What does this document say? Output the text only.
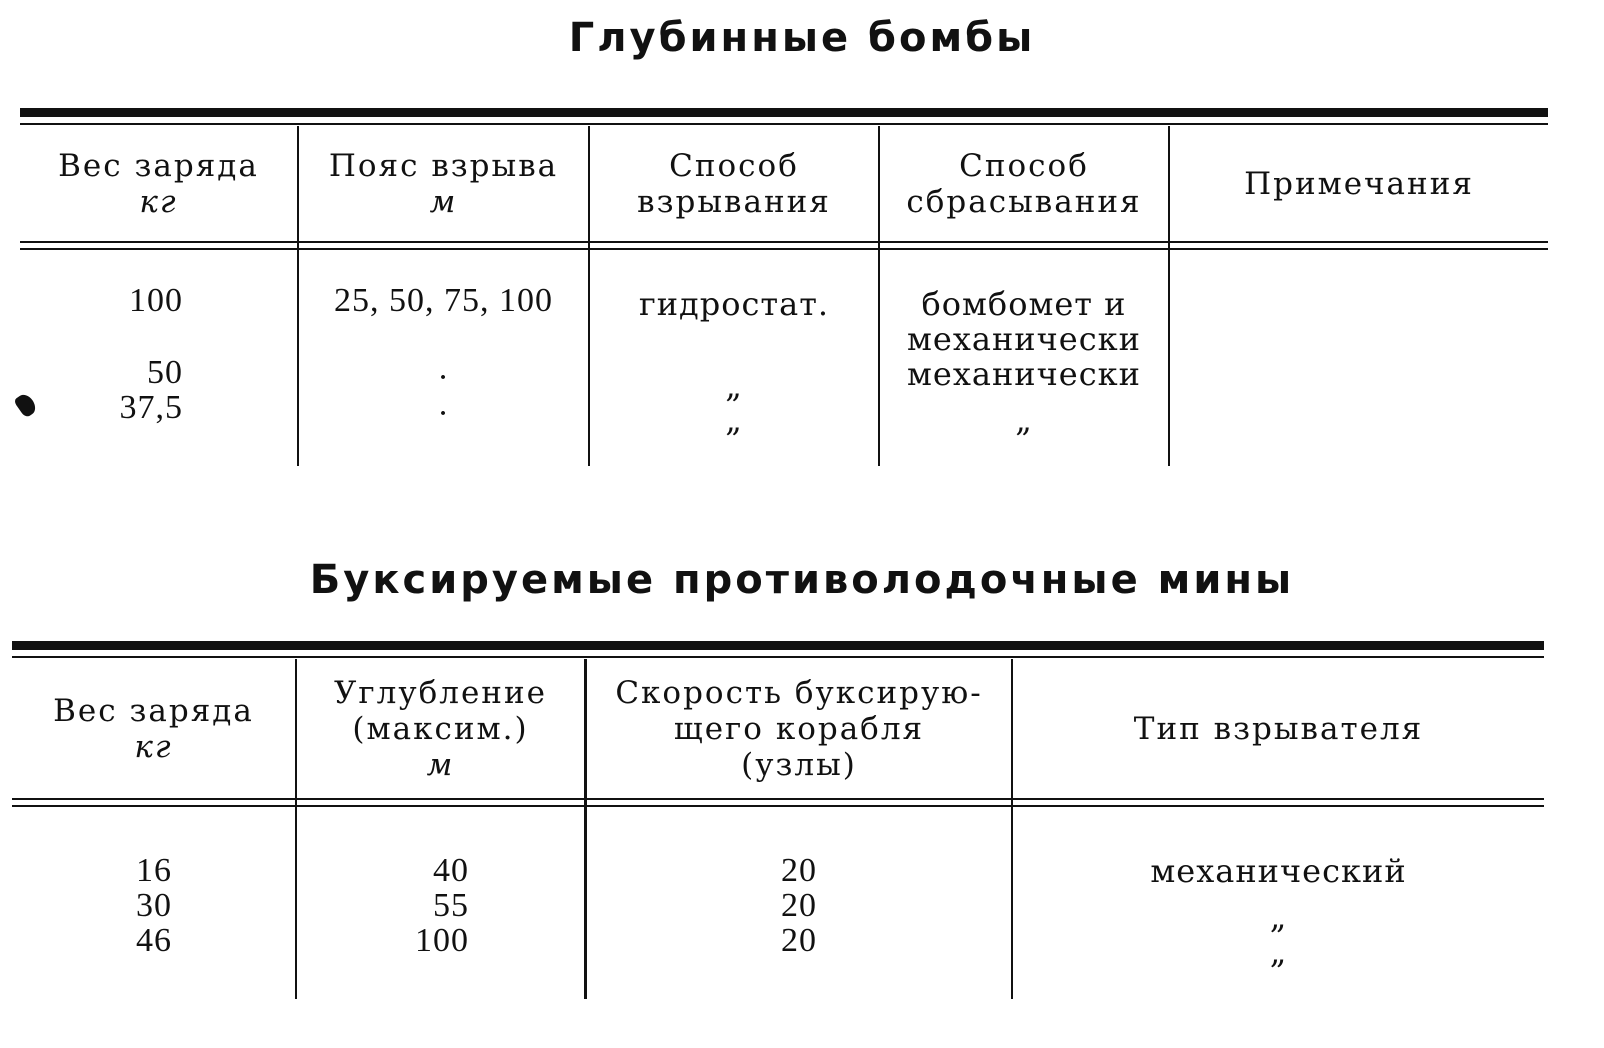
Глубинные бомбы
Вес заряда
кг
Пояс взрыва
м
Способ
взрывания
Способ
сбрасывания	Примечания
100
50
37,5
25, 50, 75, 100
·
·
гидростат.
„
„
бомбомет и
механически
механически
„
Буксируемые противолодочные мины
Вес заряда
кг
Углубление
(максим.)
м
Скорость буксирую-
щего корабля
(узлы)
Тип взрывателя
16
30
46
40
55
100
20
20
20
механический
„
„
